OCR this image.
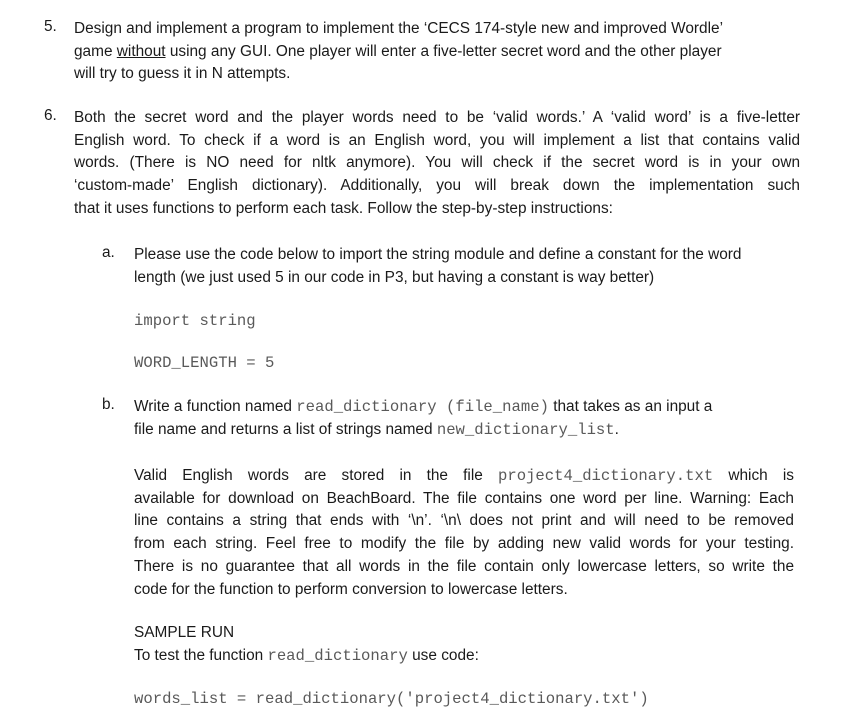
5. Design and implement a program to implement the ‘CECS 174-style new and improved Wordle’
game without using any GUI. One player will enter a five-letter secret word and the other player
will try to guess it in N attempts.
6. Both the secret word and the player words need to be ‘valid words.’ A ‘valid word’ is a five-letter
English word. To check if a word is an English word, you will implement a list that contains valid
words. (There is NO need for nltk anymore). You will check if the secret word is in your own
‘custom-made’ English dictionary). Additionally, you will break down the implementation such
that it uses functions to perform each task. Follow the step-by-step instructions:
a. Please use the code below to import the string module and define a constant for the word
length (we just used 5 in our code in P3, but having a constant is way better)
import string
WORD_LENGTH = 5
b. Write a function named read_dictionary (file_name) that takes as an input a
file name and returns a list of strings named new_dictionary_list.
Valid English words are stored in the file project4_dictionary.txt which is
available for download on BeachBoard. The file contains one word per line. Warning: Each
line contains a string that ends with ‘\n’. ‘\n\ does not print and will need to be removed
from each string. Feel free to modify the file by adding new valid words for your testing.
There is no guarantee that all words in the file contain only lowercase letters, so write the
code for the function to perform conversion to lowercase letters.
SAMPLE RUN
To test the function read_dictionary use code:
words_list = read_dictionary('project4_dictionary.txt')
